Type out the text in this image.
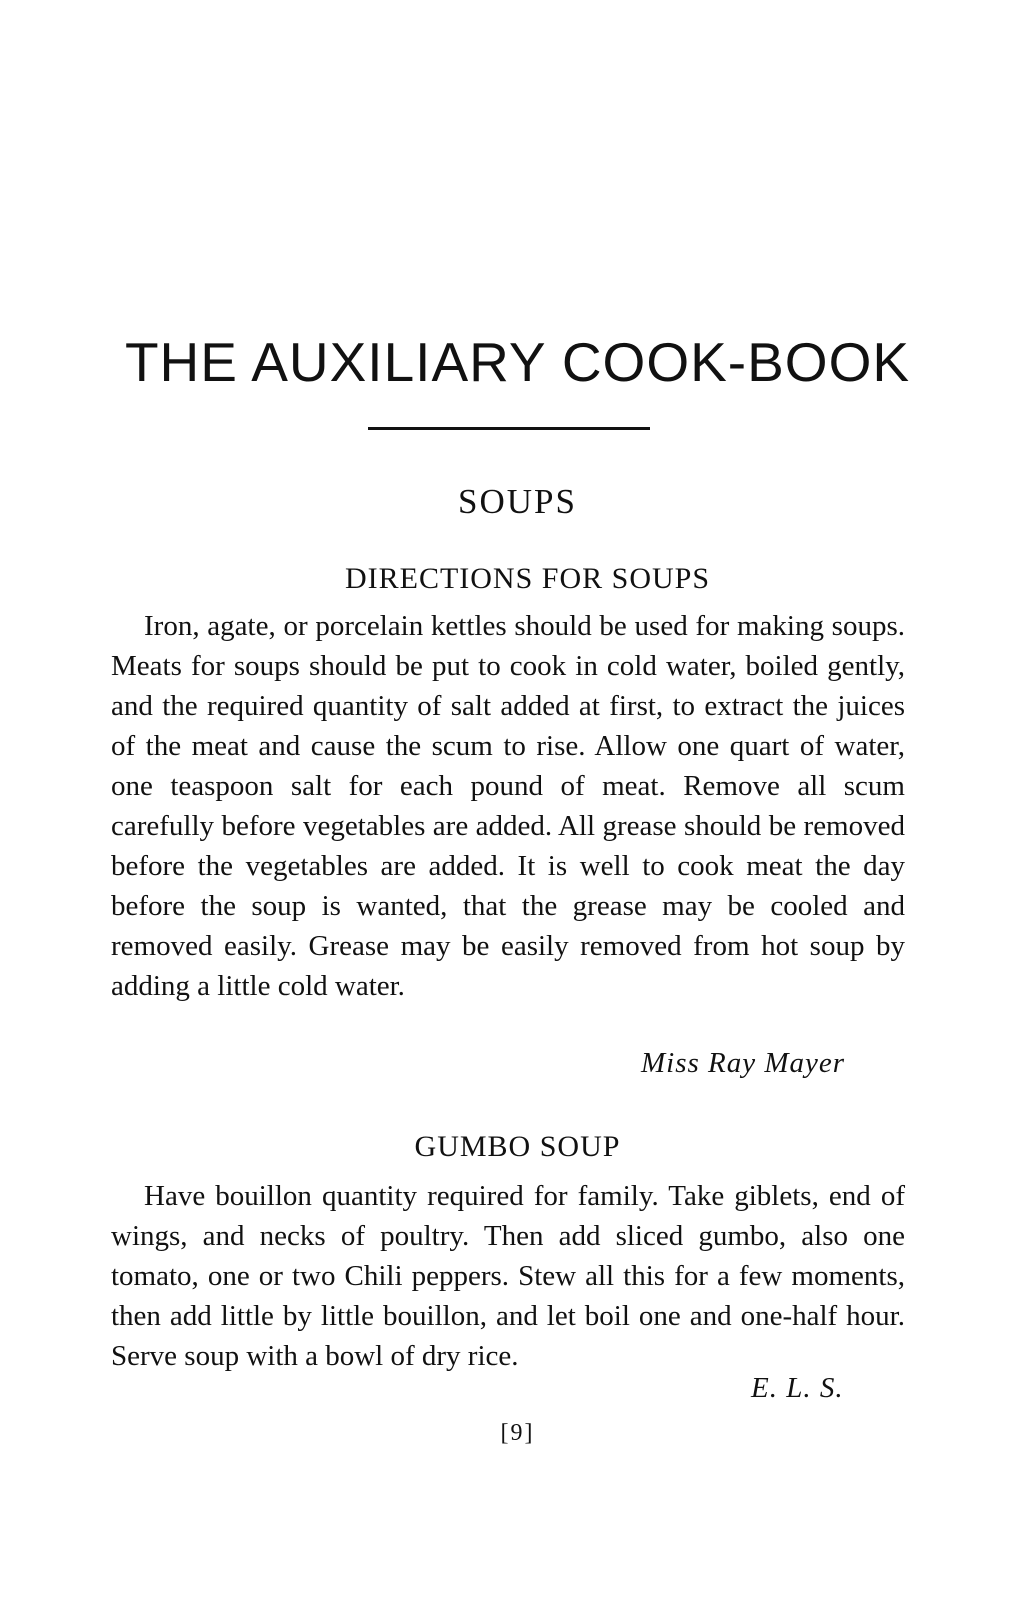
THE AUXILIARY COOK-BOOK
SOUPS
DIRECTIONS FOR SOUPS

Iron, agate, or porcelain kettles should be used for making soups. Meats for soups should be put to cook in cold water, boiled gently, and the required quantity of salt added at first, to extract the juices of the meat and cause the scum to rise. Allow one quart of water, one teaspoon salt for each pound of meat. Remove all scum carefully before vegetables are added. All grease should be removed before the vegetables are added. It is well to cook meat the day before the soup is wanted, that the grease may be cooled and removed easily. Grease may be easily removed from hot soup by adding a little cold water.

Miss Ray Mayer
GUMBO SOUP

Have bouillon quantity required for family. Take giblets, end of wings, and necks of poultry. Then add sliced gumbo, also one tomato, one or two Chili peppers. Stew all this for a few moments, then add little by little bouillon, and let boil one and one-half hour. Serve soup with a bowl of dry rice.

E. L. S.
[9]
